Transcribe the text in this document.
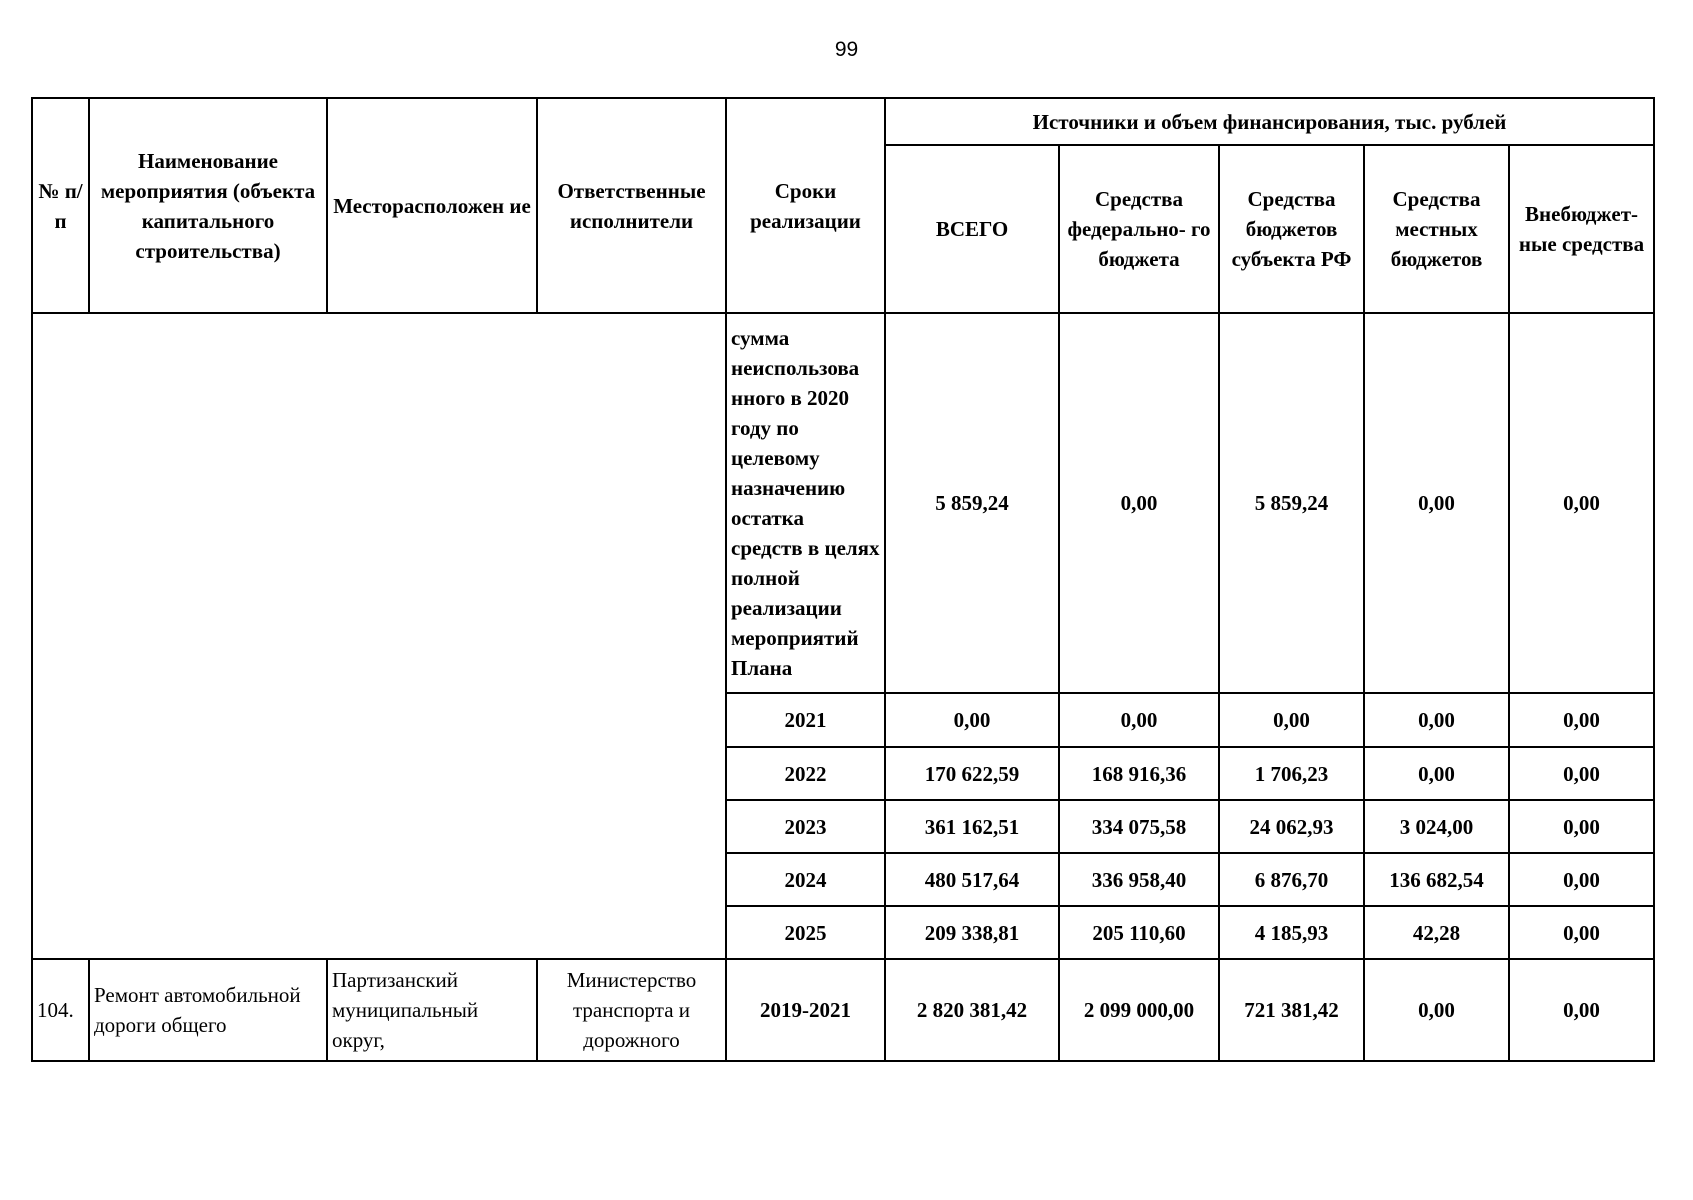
99
№ п/п	Наименование мероприятия (объекта капитального строительства)	Месторасположен ие	Ответственные исполнители	Сроки реализации	Источники и объем финансирования, тыс. рублей				
					ВСЕГО	Средства федерально- го бюджета	Средства бюджетов субъекта РФ	Средства местных бюджетов	Внебюджет- ные средства
				сумма неиспользова нного в 2020 году по целевому назначению остатка средств в целях полной реализации мероприятий Плана	5 859,24	0,00	5 859,24	0,00	0,00
				2021	0,00	0,00	0,00	0,00	0,00
				2022	170 622,59	168 916,36	1 706,23	0,00	0,00
				2023	361 162,51	334 075,58	24 062,93	3 024,00	0,00
				2024	480 517,64	336 958,40	6 876,70	136 682,54	0,00
				2025	209 338,81	205 110,60	4 185,93	42,28	0,00
104.	Ремонт автомобильной дороги общего	Партизанский муниципальный округ,	Министерство транспорта и дорожного	2019-2021	2 820 381,42	2 099 000,00	721 381,42	0,00	0,00
